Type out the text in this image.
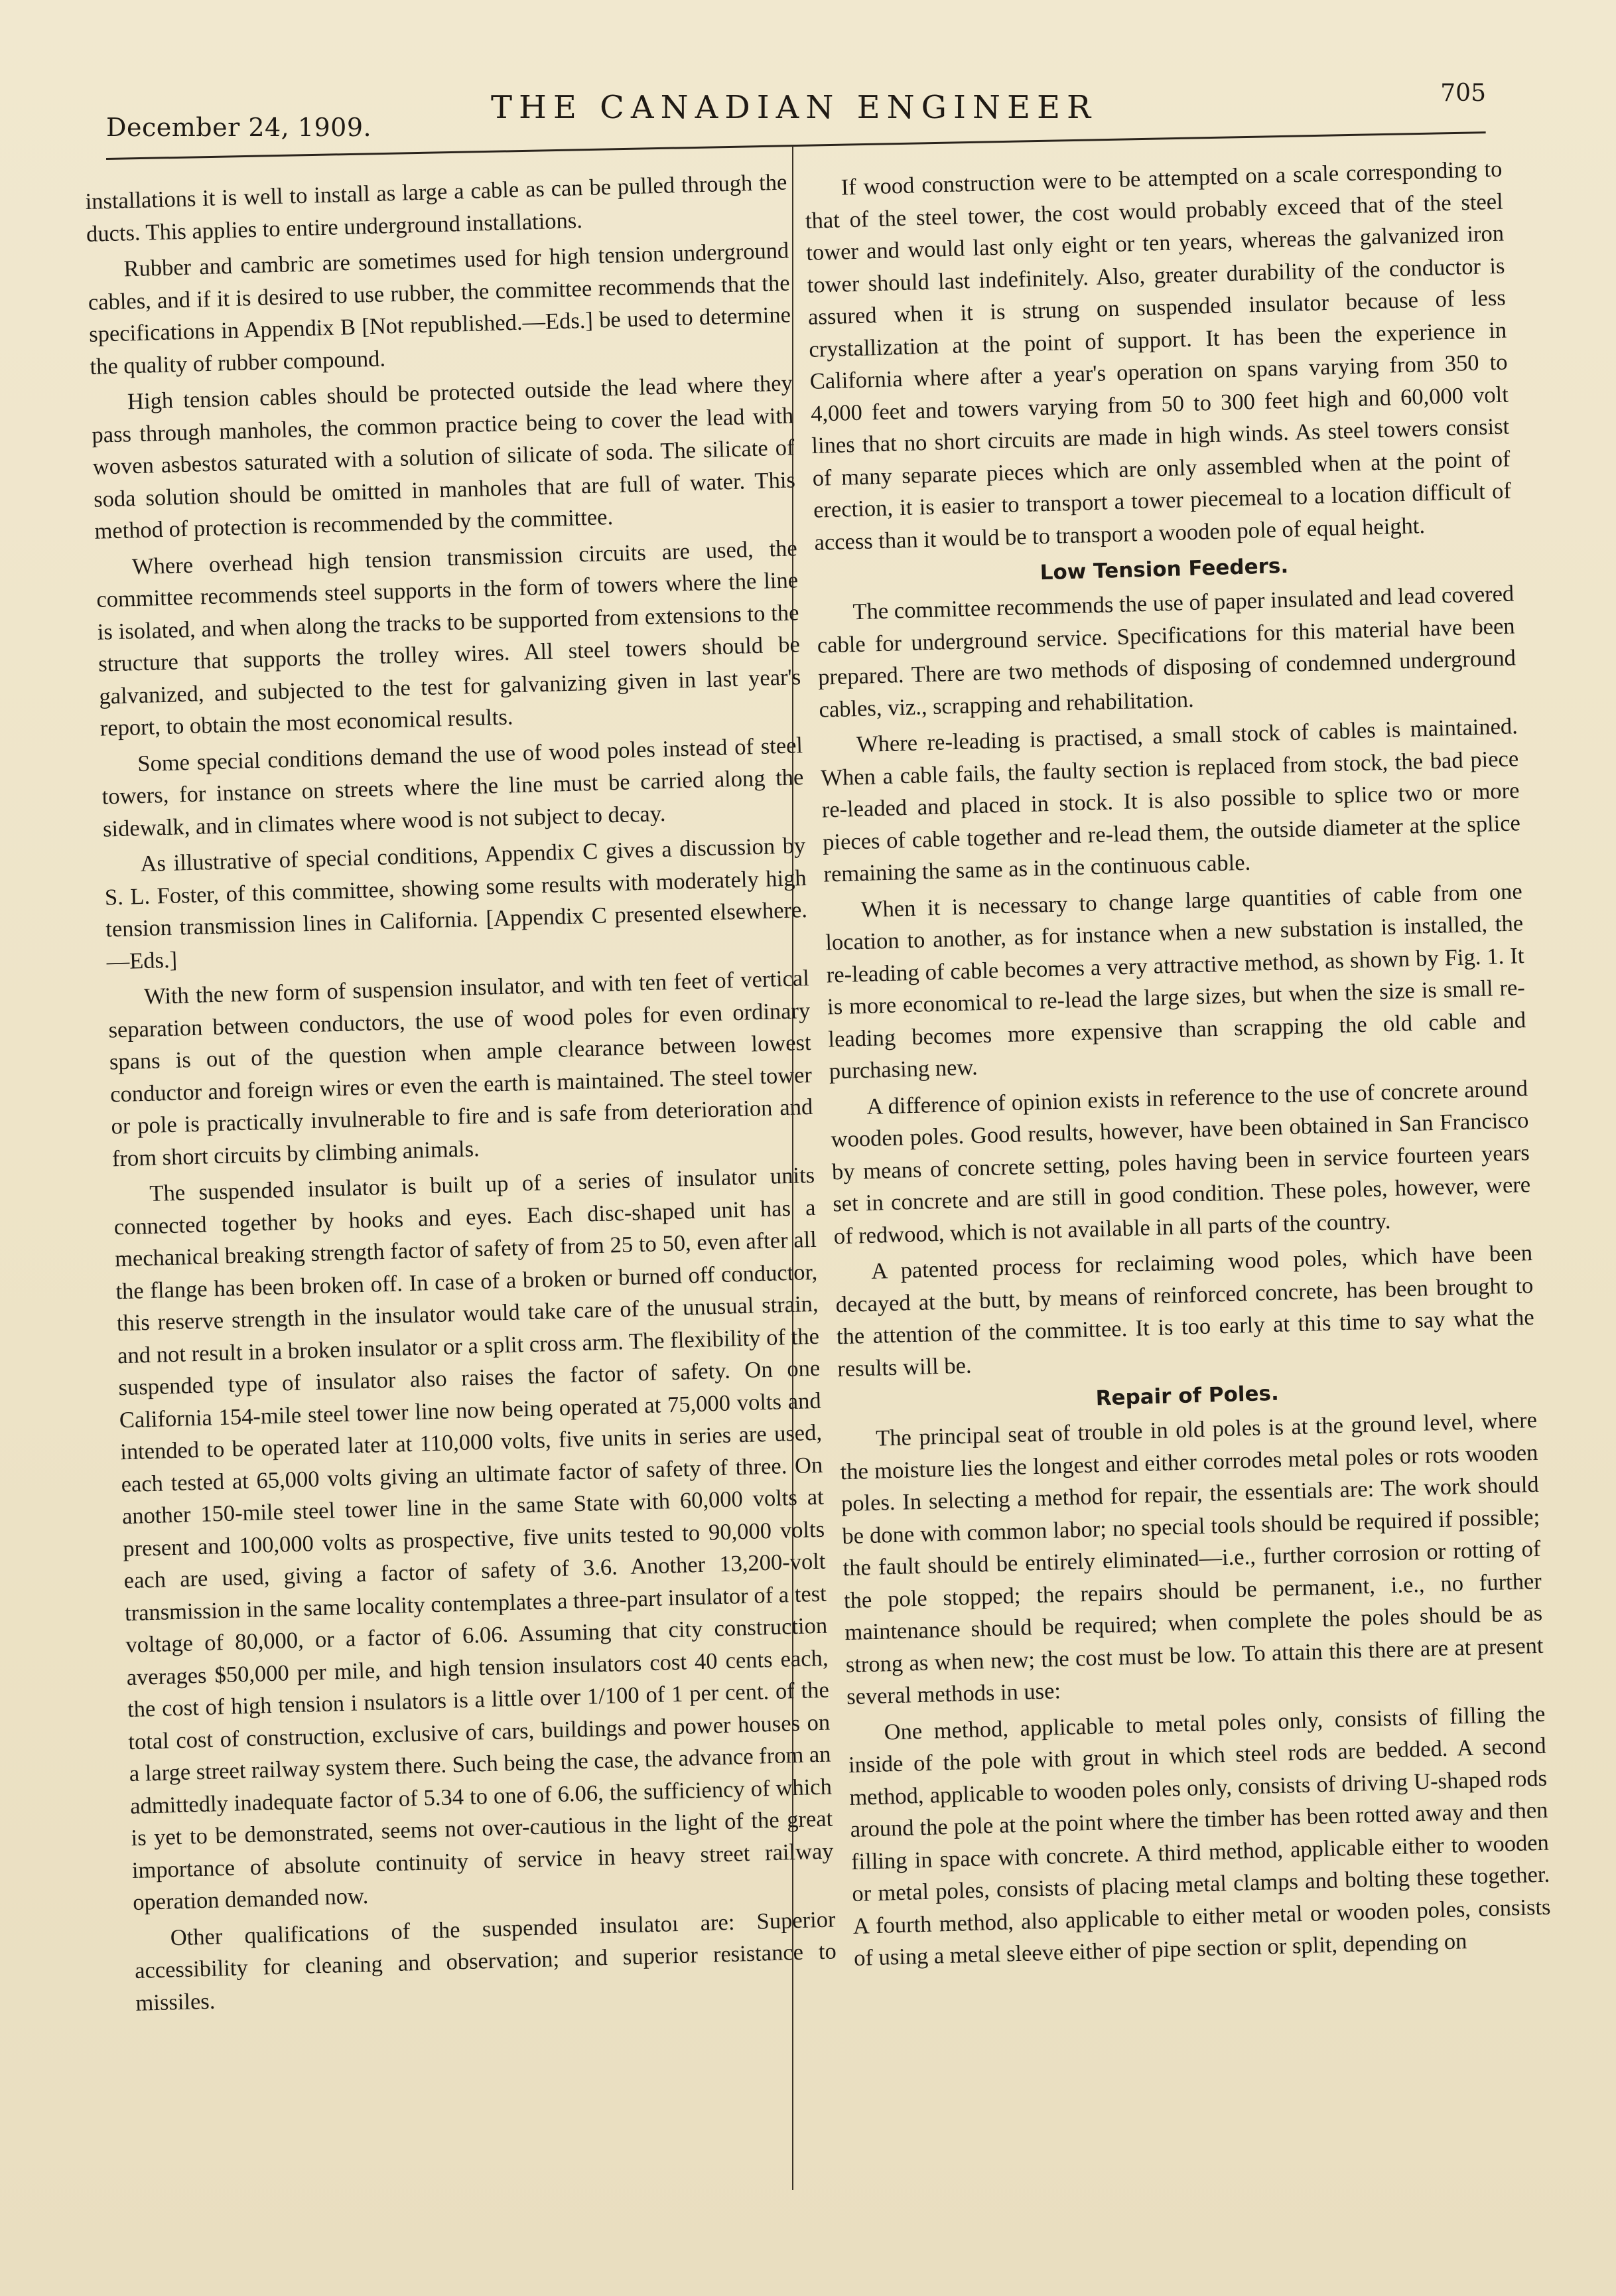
December 24, 1909.
THE CANADIAN ENGINEER	705

installations it is well to install as large a cable as can be pulled through the ducts. This applies to entire underground installations.

Rubber and cambric are sometimes used for high tension underground cables, and if it is desired to use rubber, the committee recommends that the specifications in Appendix B [Not republished.—Eds.] be used to determine the quality of rubber compound.

High tension cables should be protected outside the lead where they pass through manholes, the common practice being to cover the lead with woven asbestos saturated with a solution of silicate of soda. The silicate of soda solution should be omitted in manholes that are full of water. This method of protection is recommended by the committee.

Where overhead high tension transmission circuits are used, the committee recommends steel supports in the form of towers where the line is isolated, and when along the tracks to be supported from extensions to the structure that supports the trolley wires. All steel towers should be galvanized, and subjected to the test for galvanizing given in last year's report, to obtain the most economical results.

Some special conditions demand the use of wood poles instead of steel towers, for instance on streets where the line must be carried along the sidewalk, and in climates where wood is not subject to decay.

As illustrative of special conditions, Appendix C gives a discussion by S. L. Foster, of this committee, showing some results with moderately high tension transmission lines in California. [Appendix C presented elsewhere.—Eds.]

With the new form of suspension insulator, and with ten feet of vertical separation between conductors, the use of wood poles for even ordinary spans is out of the question when ample clearance between lowest conductor and foreign wires or even the earth is maintained. The steel tower or pole is practically invulnerable to fire and is safe from deterioration and from short circuits by climbing animals.

The suspended insulator is built up of a series of insulator units connected together by hooks and eyes. Each disc-shaped unit has a mechanical breaking strength factor of safety of from 25 to 50, even after all the flange has been broken off. In case of a broken or burned off conductor, this reserve strength in the insulator would take care of the unusual strain, and not result in a broken insulator or a split cross arm. The flexibility of the suspended type of insulator also raises the factor of safety. On one California 154-mile steel tower line now being operated at 75,000 volts and intended to be operated later at 110,000 volts, five units in series are used, each tested at 65,000 volts giving an ultimate factor of safety of three. On another 150-mile steel tower line in the same State with 60,000 volts at present and 100,000 volts as prospective, five units tested to 90,000 volts each are used, giving a factor of safety of 3.6. Another 13,200-volt transmission in the same locality contemplates a three-part insulator of a test voltage of 80,000, or a factor of 6.06. Assuming that city construction averages $50,000 per mile, and high tension insulators cost 40 cents each, the cost of high tension i nsulators is a little over 1/100 of 1 per cent. of the total cost of construction, exclusive of cars, buildings and power houses on a large street railway system there. Such being the case, the advance from an admittedly inadequate factor of 5.34 to one of 6.06, the sufficiency of which is yet to be demonstrated, seems not over-cautious in the light of the great importance of absolute continuity of service in heavy street railway operation demanded now.

Other qualifications of the suspended insulatoı are: Superior accessibility for cleaning and observation; and superior resistance to missiles.

If wood construction were to be attempted on a scale corresponding to that of the steel tower, the cost would probably exceed that of the steel tower and would last only eight or ten years, whereas the galvanized iron tower should last indefinitely. Also, greater durability of the conductor is assured when it is strung on suspended insulator because of less crystallization at the point of support. It has been the experience in California where after a year's operation on spans varying from 350 to 4,000 feet and towers varying from 50 to 300 feet high and 60,000 volt lines that no short circuits are made in high winds. As steel towers consist of many separate pieces which are only assembled when at the point of erection, it is easier to transport a tower piecemeal to a location difficult of access than it would be to transport a wooden pole of equal height.

Low Tension Feeders.

The committee recommends the use of paper insulated and lead covered cable for underground service. Specifications for this material have been prepared. There are two methods of disposing of condemned underground cables, viz., scrapping and rehabilitation.

Where re-leading is practised, a small stock of cables is maintained. When a cable fails, the faulty section is replaced from stock, the bad piece re-leaded and placed in stock. It is also possible to splice two or more pieces of cable together and re-lead them, the outside diameter at the splice remaining the same as in the continuous cable.

When it is necessary to change large quantities of cable from one location to another, as for instance when a new substation is installed, the re-leading of cable becomes a very attractive method, as shown by Fig. 1. It is more economical to re-lead the large sizes, but when the size is small re-leading becomes more expensive than scrapping the old cable and purchasing new.

A difference of opinion exists in reference to the use of concrete around wooden poles. Good results, however, have been obtained in San Francisco by means of concrete setting, poles having been in service fourteen years set in concrete and are still in good condition. These poles, however, were of redwood, which is not available in all parts of the country.

A patented process for reclaiming wood poles, which have been decayed at the butt, by means of reinforced concrete, has been brought to the attention of the committee. It is too early at this time to say what the results will be.

Repair of Poles.

The principal seat of trouble in old poles is at the ground level, where the moisture lies the longest and either corrodes metal poles or rots wooden poles. In selecting a method for repair, the essentials are: The work should be done with common labor; no special tools should be required if possible; the fault should be entirely eliminated—i.e., further corrosion or rotting of the pole stopped; the repairs should be permanent, i.e., no further maintenance should be required; when complete the poles should be as strong as when new; the cost must be low. To attain this there are at present several methods in use:

One method, applicable to metal poles only, consists of filling the inside of the pole with grout in which steel rods are bedded. A second method, applicable to wooden poles only, consists of driving U-shaped rods around the pole at the point where the timber has been rotted away and then filling in space with concrete. A third method, applicable either to wooden or metal poles, consists of placing metal clamps and bolting these together. A fourth method, also applicable to either metal or wooden poles, consists of using a metal sleeve either of pipe section or split, depending on
